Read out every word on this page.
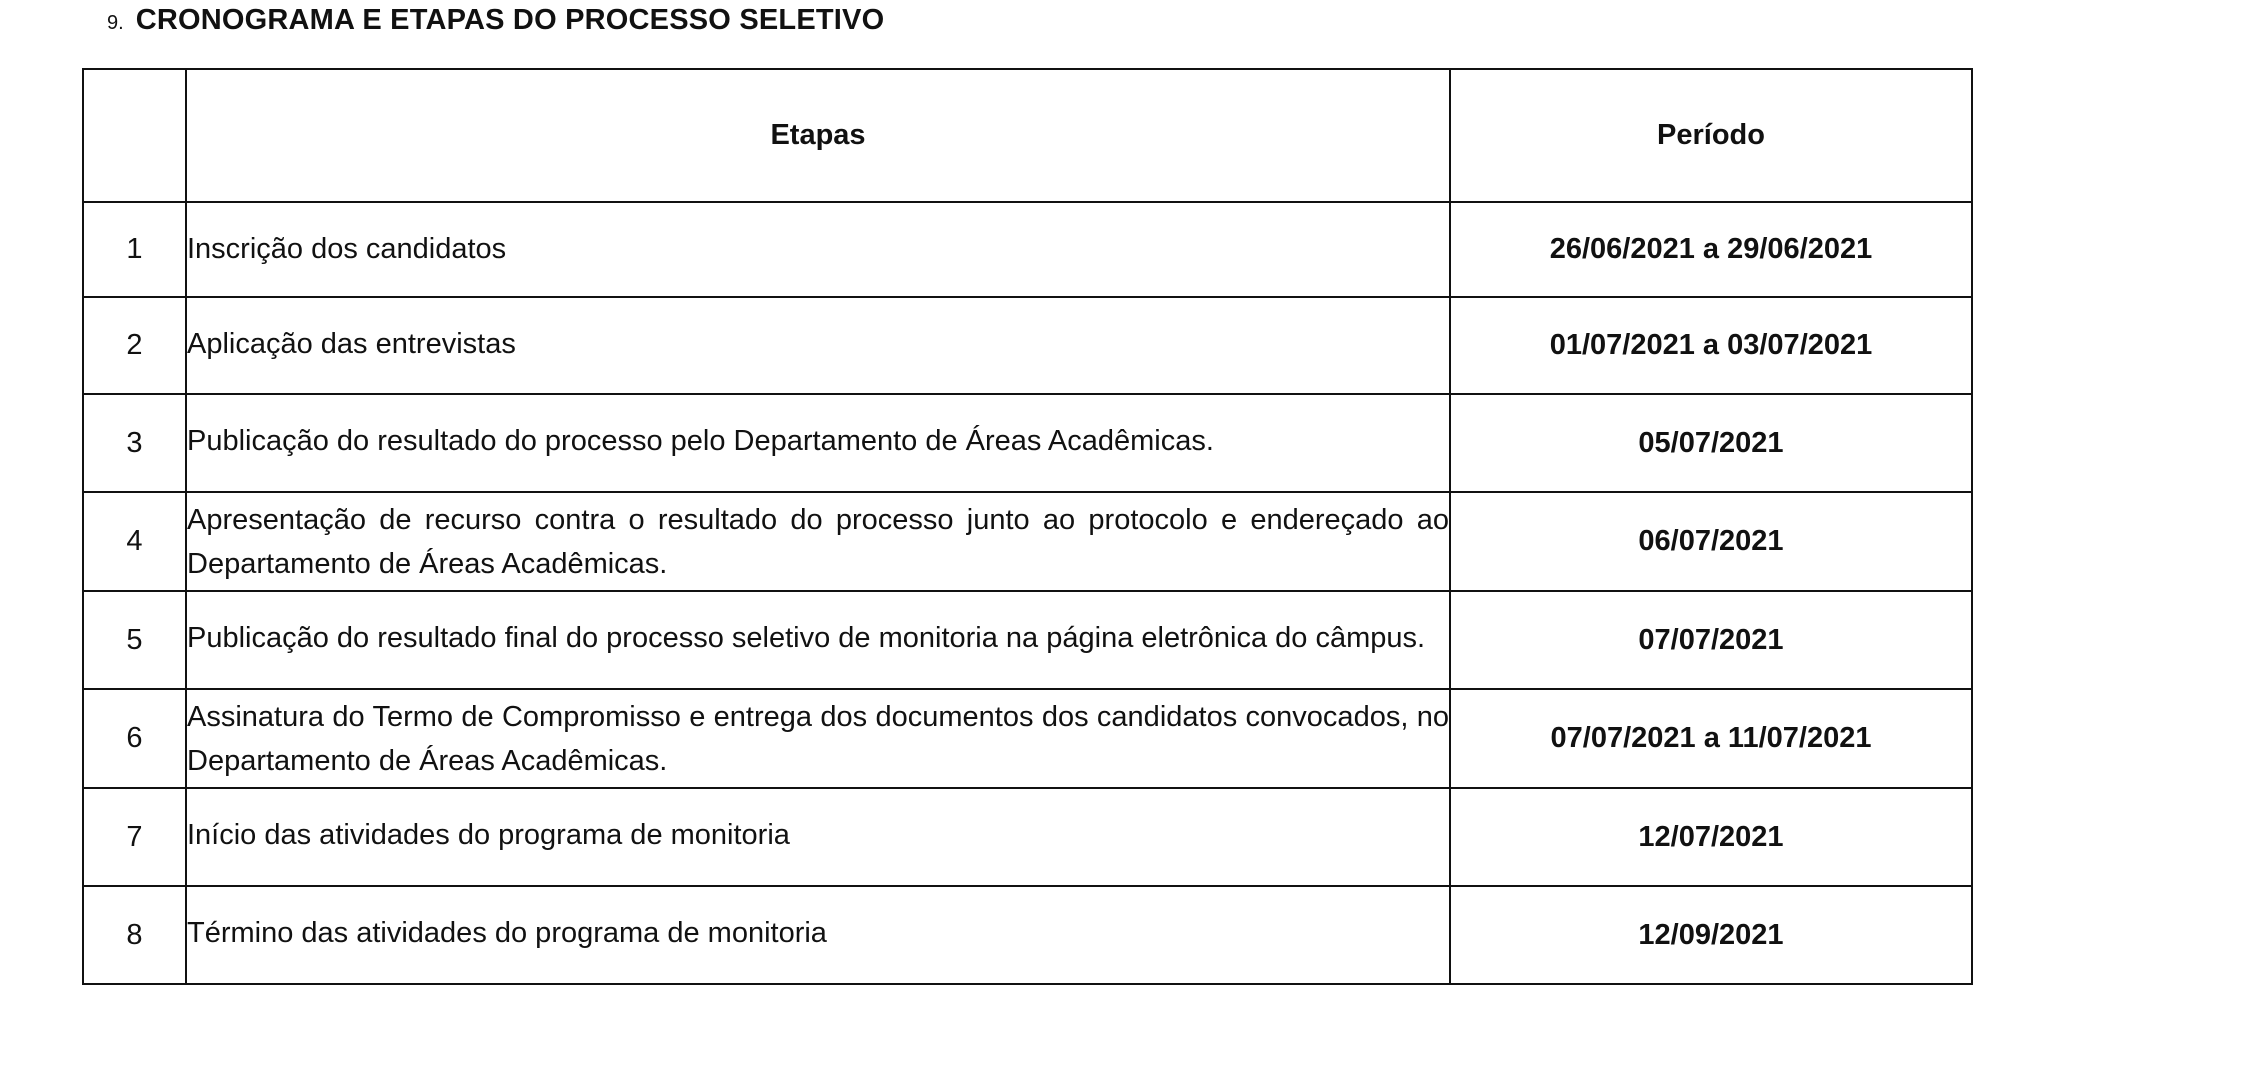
9. CRONOGRAMA E ETAPAS DO PROCESSO SELETIVO
	Etapas	Período
1	Inscrição dos candidatos	26/06/2021 a 29/06/2021
2	Aplicação das entrevistas	01/07/2021 a 03/07/2021
3	Publicação do resultado do processo pelo Departamento de Áreas Acadêmicas.	05/07/2021
4	Apresentação de recurso contra o resultado do processo junto ao protocolo e endereçado ao Departamento de Áreas Acadêmicas.	06/07/2021
5	Publicação do resultado final do processo seletivo de monitoria na página eletrônica do câmpus.	07/07/2021
6	Assinatura do Termo de Compromisso e entrega dos documentos dos candidatos convocados, no Departamento de Áreas Acadêmicas.	07/07/2021 a 11/07/2021
7	Início das atividades do programa de monitoria	12/07/2021
8	Término das atividades do programa de monitoria	12/09/2021
